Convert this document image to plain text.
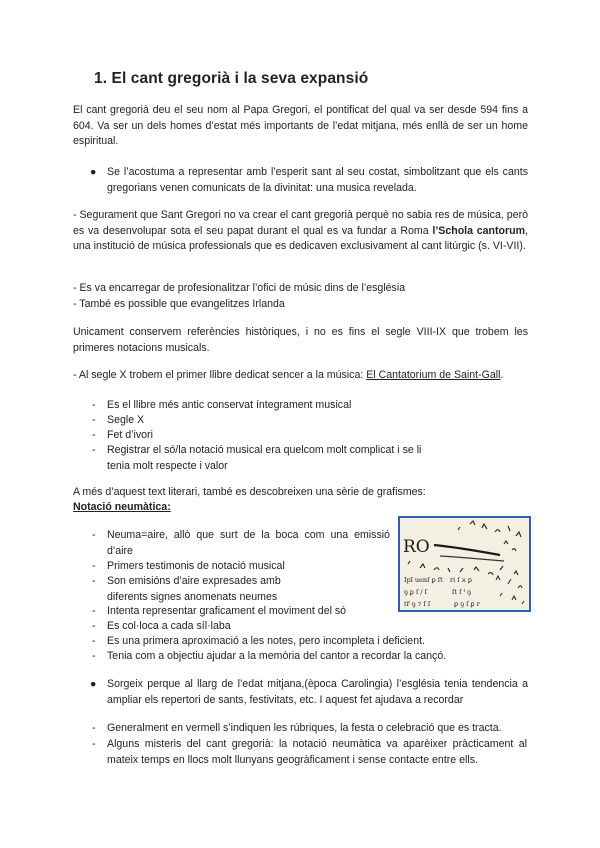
1. El cant gregorià i la seva expansió

El cant gregorià deu el seu nom al Papa Gregori, el pontificat del qual va ser desde 594 fins a 604. Va ser un dels homes d’estat més importants de l’edat mitjana, més enllà de ser un home espiritual.

● Se l’acostuma a representar amb l’esperit sant al seu costat, simbolitzant que els cants gregorians venen comunicats de la divinitat: una musica revelada.

- Segurament que Sant Gregori no va crear el cant gregorià perquè no sabia res de música, però es va desenvolupar sota el seu papat durant el qual es va fundar a Roma l’Schola cantorum, una institució de música professionals que es dedicaven exclusivament al cant litúrgic (s. VI-VII).

- Es va encarregar de profesionalitzar l’ofici de músic dins de l’església
- També es possible que evangelitzes Irlanda

Unicament conservem referències històriques, i no es fins el segle VIII-IX que trobem les primeres notacions musicals.

- Al segle X trobem el primer llibre dedicat sencer a la música: El Cantatorium de Saint-Gall.

- Es el llibre més antic conservat íntegrament musical

- Segle X

- Fet d’ivori

- Registrar el só/la notació musical era quelcom molt complicat i se li tenia molt respecte i valor

A més d’aquest text literari, també es descobreixen una sèrie de grafismes:
Notació neumàtica:
- Neuma=aire, allò que surt de la boca com una emissió d’aire

- Primers testimonis de notació musical

- Son emisións d’aire expresades amb diferents signes anomenats neumes

- Intenta representar graficament el moviment del só

- Es col·loca a cada síl·laba

- Es una primera aproximació a les notes, pero incompleta i deficient.

- Tenia com a objectiu ajudar a la memòria del cantor a recordar la cançó.

RO
Ipı̃ uenſ ꝑ ſt ri ſ ϰ ꝑ
ꝯ ꝑ ſ ∕ ſ	ſt ſ ᶠ ꝯ
tr̃ ꝯ ⁊ ſ ſ	ꝑ ꝯ ſ ꝑ r
● Sorgeix perque al llarg de l’edat mitjana,(època Carolingia) l’església tenia tendencia a ampliar els repertori de sants, festivitats, etc. I aquest fet ajudava a recordar

- Generalment en vermell s’indiquen les rúbriques, la festa o celebració que es tracta.

- Alguns misteris del cant gregorià: la notació neumàtica va aparèixer pràcticament al mateix temps en llocs molt llunyans geogràficament i sense contacte entre ells.
